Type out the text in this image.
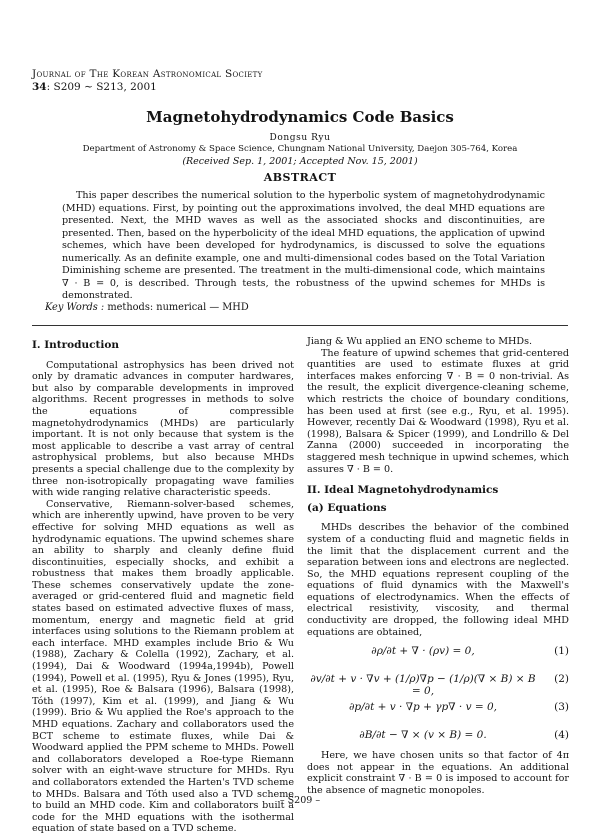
Journal of The Korean Astronomical Society
34: S209 ∼ S213, 2001
Magnetohydrodynamics Code Basics
Dongsu Ryu
Department of Astronomy & Space Science, Chungnam National University, Daejon 305-764, Korea
(Received Sep. 1, 2001; Accepted Nov. 15, 2001)
ABSTRACT
This paper describes the numerical solution to the hyperbolic system of magnetohydrodynamic (MHD) equations. First, by pointing out the approximations involved, the deal MHD equations are presented. Next, the MHD waves as well as the associated shocks and discontinuities, are presented. Then, based on the hyperbolicity of the ideal MHD equations, the application of upwind schemes, which have been developed for hydrodynamics, is discussed to solve the equations numerically. As an definite example, one and multi-dimensional codes based on the Total Variation Diminishing scheme are presented. The treatment in the multi-dimensional code, which maintains ∇ · B = 0, is described. Through tests, the robustness of the upwind schemes for MHDs is demonstrated.
Key Words : methods: numerical — MHD
I. Introduction

Computational astrophysics has been drived not only by dramatic advances in computer hardwares, but also by comparable developments in improved algorithms. Recent progresses in methods to solve the equations of compressible magnetohydrodynamics (MHDs) are particularly important. It is not only because that system is the most applicable to describe a vast array of central astrophysical problems, but also because MHDs presents a special challenge due to the complexity by three non-isotropically propagating wave families with wide ranging relative characteristic speeds.

Conservative, Riemann-solver-based schemes, which are inherently upwind, have proven to be very effective for solving MHD equations as well as hydrodynamic equations. The upwind schemes share an ability to sharply and cleanly define fluid discontinuities, especially shocks, and exhibit a robustness that makes them broadly applicable. These schemes conservatively update the zone-averaged or grid-centered fluid and magnetic field states based on estimated advective fluxes of mass, momentum, energy and magnetic field at grid interfaces using solutions to the Riemann problem at each interface. MHD examples include Brio & Wu (1988), Zachary & Colella (1992), Zachary, et al. (1994), Dai & Woodward (1994a,1994b), Powell (1994), Powell et al. (1995), Ryu & Jones (1995), Ryu, et al. (1995), Roe & Balsara (1996), Balsara (1998), Tóth (1997), Kim et al. (1999), and Jiang & Wu (1999). Brio & Wu applied the Roe's approach to the MHD equations. Zachary and collaborators used the BCT scheme to estimate fluxes, while Dai & Woodward applied the PPM scheme to MHDs. Powell and collaborators developed a Roe-type Riemann solver with an eight-wave structure for MHDs. Ryu and collaborators extended the Harten's TVD scheme to MHDs. Balsara and Tóth used also a TVD scheme to build an MHD code. Kim and collaborators built a code for the MHD equations with the isothermal equation of state based on a TVD scheme.

Jiang & Wu applied an ENO scheme to MHDs.

The feature of upwind schemes that grid-centered quantities are used to estimate fluxes at grid interfaces makes enforcing ∇ · B = 0 non-trivial. As the result, the explicit divergence-cleaning scheme, which restricts the choice of boundary conditions, has been used at first (see e.g., Ryu, et al. 1995). However, recently Dai & Woodward (1998), Ryu et al. (1998), Balsara & Spicer (1999), and Londrillo & Del Zanna (2000) succeeded in incorporating the staggered mesh technique in upwind schemes, which assures ∇ · B = 0.

II. Ideal Magnetohydrodynamics
(a) Equations

MHDs describes the behavior of the combined system of a conducting fluid and magnetic fields in the limit that the displacement current and the separation between ions and electrons are neglected. So, the MHD equations represent coupling of the equations of fluid dynamics with the Maxwell's equations of electrodynamics. When the effects of electrical resistivity, viscosity, and thermal conductivity are dropped, the following ideal MHD equations are obtained,

∂ρ/∂t + ∇ · (ρv) = 0,	(1)
∂v/∂t + v · ∇v + (1/ρ)∇p − (1/ρ)(∇ × B) × B = 0,
(2)
∂p/∂t + v · ∇p + γp∇ · v = 0,	(3)
∂B/∂t − ∇ × (v × B) = 0.	(4)

Here, we have chosen units so that factor of 4π does not appear in the equations. An additional explicit constraint ∇ · B = 0 is imposed to account for the absence of magnetic monopoles.

– S209 –
